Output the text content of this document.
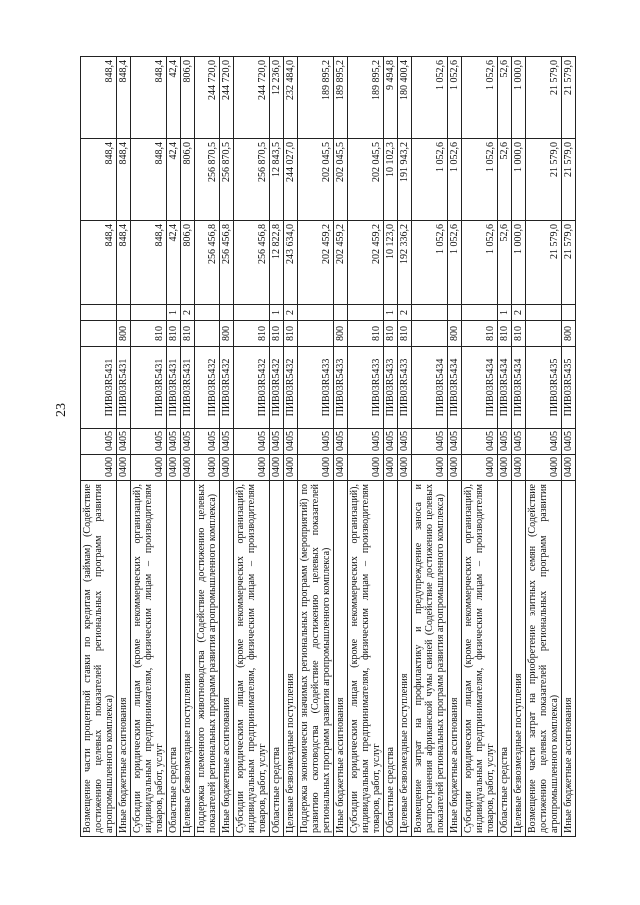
23
Возмещение части процентной ставки по кредитам (займам) (Содействие достижению целевых показателей региональных программ развития агропромышленного комплекса)	0400	0405	ПИВ03R5431			848,4	848,4	848,4
Иные бюджетные ассигнования	0400	0405	ПИВ03R5431	800		848,4	848,4	848,4
Субсидии юридическим лицам (кроме некоммерческих организаций), индивидуальным предпринимателям, физическим лицам – производителям товаров, работ, услуг	0400	0405	ПИВ03R5431	810		848,4	848,4	848,4
Областные средства	0400	0405	ПИВ03R5431	810	1	42,4	42,4	42,4
Целевые безвозмездные поступления	0400	0405	ПИВ03R5431	810	2	806,0	806,0	806,0
Поддержка племенного животноводства (Содействие достижению целевых показателей региональных программ развития агропромышленного комплекса)	0400	0405	ПИВ03R5432			256 456,8	256 870,5	244 720,0
Иные бюджетные ассигнования	0400	0405	ПИВ03R5432	800		256 456,8	256 870,5	244 720,0
Субсидии юридическим лицам (кроме некоммерческих организаций), индивидуальным предпринимателям, физическим лицам – производителям товаров, работ, услуг	0400	0405	ПИВ03R5432	810		256 456,8	256 870,5	244 720,0
Областные средства	0400	0405	ПИВ03R5432	810	1	12 822,8	12 843,5	12 236,0
Целевые безвозмездные поступления	0400	0405	ПИВ03R5432	810	2	243 634,0	244 027,0	232 484,0
Поддержка экономически значимых региональных программ (мероприятий) по развитию скотоводства (Содействие достижению целевых показателей региональных программ развития агропромышленного комплекса)	0400	0405	ПИВ03R5433			202 459,2	202 045,5	189 895,2
Иные бюджетные ассигнования	0400	0405	ПИВ03R5433	800		202 459,2	202 045,5	189 895,2
Субсидии юридическим лицам (кроме некоммерческих организаций), индивидуальным предпринимателям, физическим лицам – производителям товаров, работ, услуг	0400	0405	ПИВ03R5433	810		202 459,2	202 045,5	189 895,2
Областные средства	0400	0405	ПИВ03R5433	810	1	10 123,0	10 102,3	9 494,8
Целевые безвозмездные поступления	0400	0405	ПИВ03R5433	810	2	192 336,2	191 943,2	180 400,4
Возмещение затрат на профилактику и предупреждение заноса и распространения африканской чумы свиней (Содействие достижению целевых показателей региональных программ развития агропромышленного комплекса)	0400	0405	ПИВ03R5434			1 052,6	1 052,6	1 052,6
Иные бюджетные ассигнования	0400	0405	ПИВ03R5434	800		1 052,6	1 052,6	1 052,6
Субсидии юридическим лицам (кроме некоммерческих организаций), индивидуальным предпринимателям, физическим лицам – производителям товаров, работ, услуг	0400	0405	ПИВ03R5434	810		1 052,6	1 052,6	1 052,6
Областные средства	0400	0405	ПИВ03R5434	810	1	52,6	52,6	52,6
Целевые безвозмездные поступления	0400	0405	ПИВ03R5434	810	2	1 000,0	1 000,0	1 000,0
Возмещение части затрат на приобретение элитных семян (Содействие достижению целевых показателей региональных программ развития агропромышленного комплекса)	0400	0405	ПИВ03R5435			21 579,0	21 579,0	21 579,0
Иные бюджетные ассигнования	0400	0405	ПИВ03R5435	800		21 579,0	21 579,0	21 579,0
